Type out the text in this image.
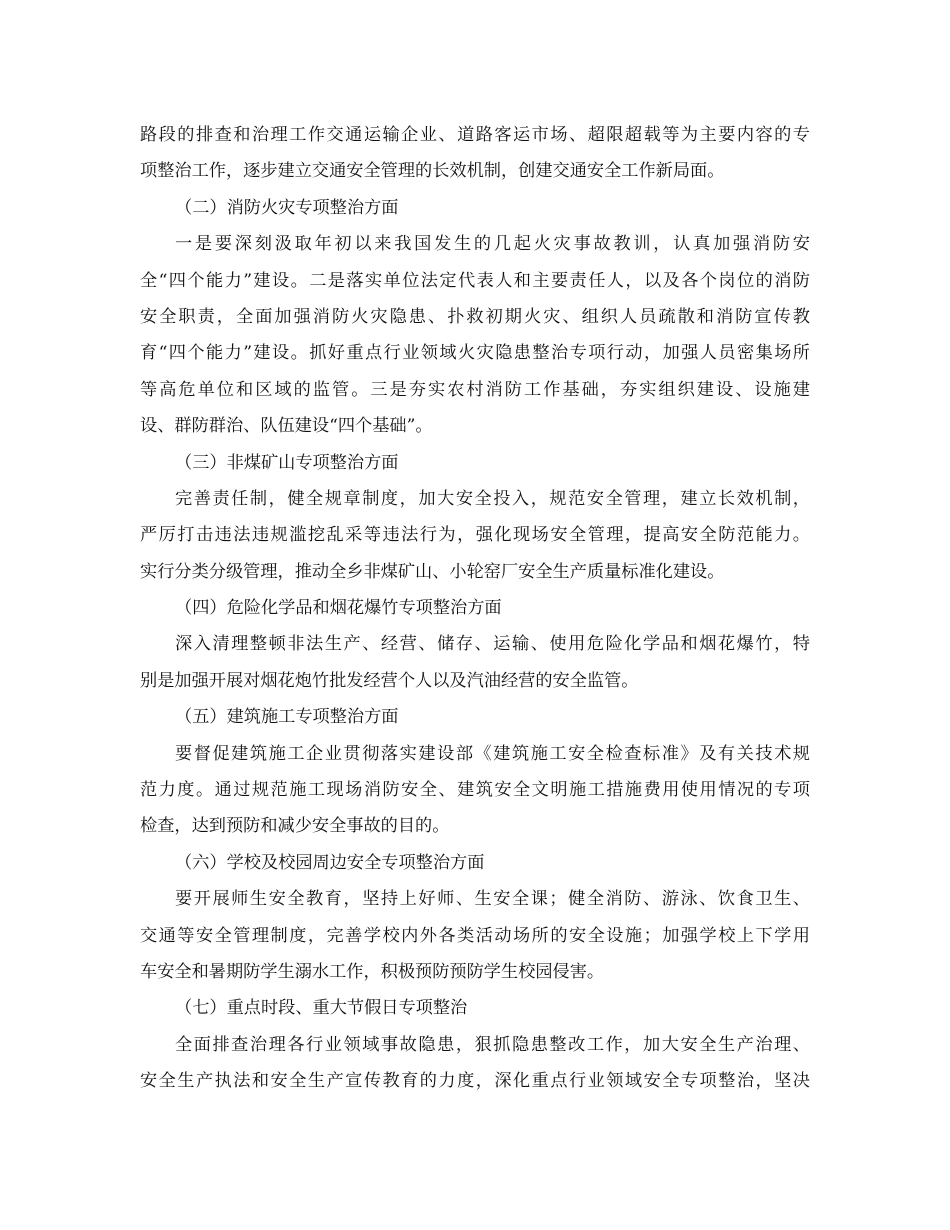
路段的排查和治理工作交通运输企业、道路客运市场、超限超载等为主要内容的专
项整治工作，逐步建立交通安全管理的长效机制，创建交通安全工作新局面。
（二）消防火灾专项整治方面
一是要深刻汲取年初以来我国发生的几起火灾事故教训，认真加强消防安
全“四个能力”建设。二是落实单位法定代表人和主要责任人，以及各个岗位的消防
安全职责，全面加强消防火灾隐患、扑救初期火灾、组织人员疏散和消防宣传教
育“四个能力”建设。抓好重点行业领域火灾隐患整治专项行动，加强人员密集场所
等高危单位和区域的监管。三是夯实农村消防工作基础，夯实组织建设、设施建
设、群防群治、队伍建设“四个基础”。
（三）非煤矿山专项整治方面
完善责任制，健全规章制度，加大安全投入，规范安全管理，建立长效机制，
严厉打击违法违规滥挖乱采等违法行为，强化现场安全管理，提高安全防范能力。
实行分类分级管理，推动全乡非煤矿山、小轮窑厂安全生产质量标准化建设。
（四）危险化学品和烟花爆竹专项整治方面
深入清理整顿非法生产、经营、储存、运输、使用危险化学品和烟花爆竹，特
别是加强开展对烟花炮竹批发经营个人以及汽油经营的安全监管。
（五）建筑施工专项整治方面
要督促建筑施工企业贯彻落实建设部《建筑施工安全检查标准》及有关技术规
范力度。通过规范施工现场消防安全、建筑安全文明施工措施费用使用情况的专项
检查，达到预防和减少安全事故的目的。
（六）学校及校园周边安全专项整治方面
要开展师生安全教育，坚持上好师、生安全课；健全消防、游泳、饮食卫生、
交通等安全管理制度，完善学校内外各类活动场所的安全设施；加强学校上下学用
车安全和暑期防学生溺水工作，积极预防预防学生校园侵害。
（七）重点时段、重大节假日专项整治
全面排查治理各行业领域事故隐患，狠抓隐患整改工作，加大安全生产治理、
安全生产执法和安全生产宣传教育的力度，深化重点行业领域安全专项整治，坚决
